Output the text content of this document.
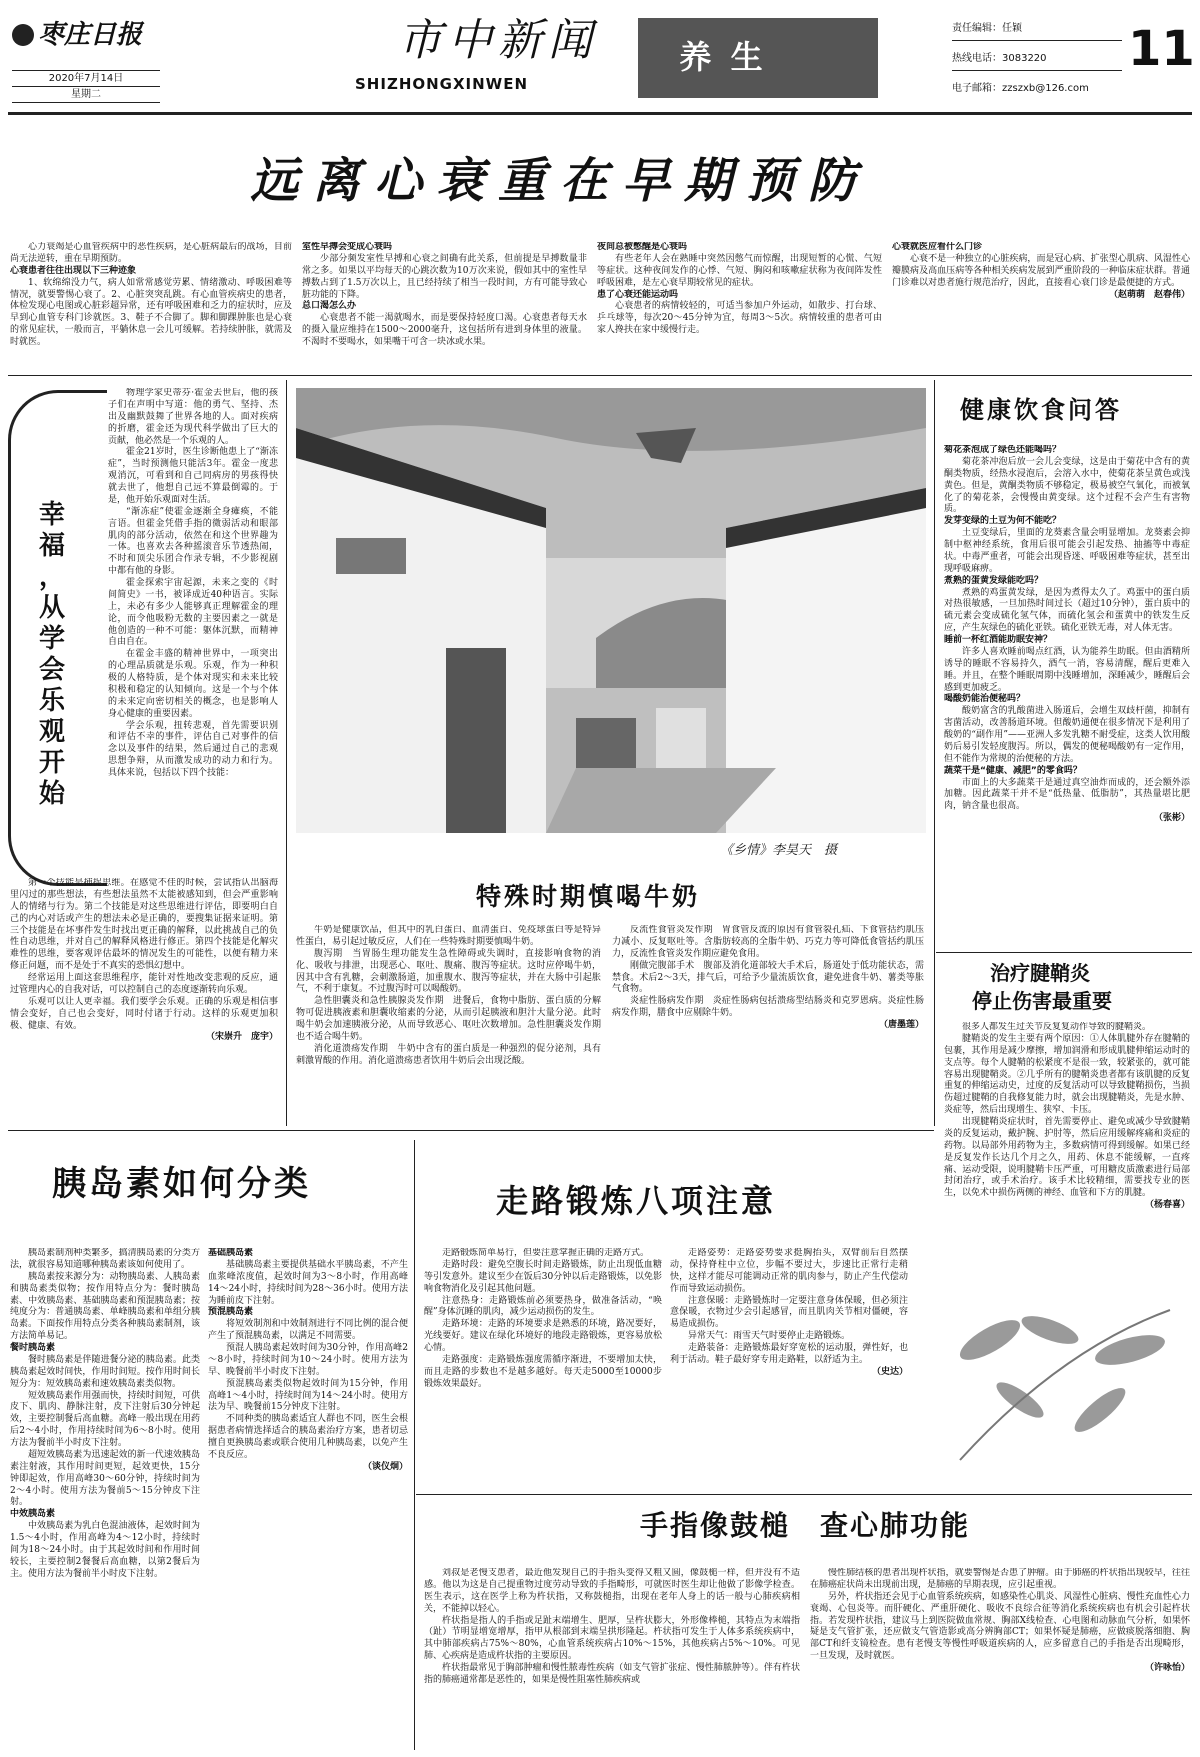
枣庄日报
2020年7月14日
星期二
市中新闻
SHIZHONGXINWEN
养 生
责任编辑：任颖
热线电话：3083220
电子邮箱：zzszxb@126.com
11
远离心衰重在早期预防

心力衰竭是心血管疾病中的恶性疾病，是心脏病最后的战场，目前尚无法逆转，重在早期预防。

心衰患者往往出现以下三种迹象

1、软绵绵没力气，病人如常常感觉劳累、情绪激动、呼吸困难等情况，就要警惕心衰了。2、心脏突突乱跳。有心血管疾病史的患者，体检发现心电图或心脏彩超异常，还有呼吸困难和乏力的症状时，应及早到心血管专科门诊就医。3、鞋子不合脚了。脚和脚踝肿胀也是心衰的常见症状，一般而言，平躺休息一会儿可缓解。若持续肿胀，就需及时就医。

室性早搏会变成心衰吗

少部分频发室性早搏和心衰之间确有此关系，但前提是早搏数量非常之多。如果以平均每天的心跳次数为10万次来说，假如其中的室性早搏数占到了1.5万次以上，且已经持续了相当一段时间，方有可能导致心脏功能的下降。

总口渴怎么办

心衰患者不能一渴就喝水，而是要保持轻度口渴。心衰患者每天水的摄入量应维持在1500～2000毫升，这包括所有进到身体里的液量。不渴时不要喝水，如果嘴干可含一块冰或水果。

夜间总被憋醒是心衰吗

有些老年人会在熟睡中突然因憋气而惊醒，出现短暂的心慌、气短等症状。这种夜间发作的心悸、气短、胸闷和咳嗽症状称为夜间阵发性呼吸困难，是左心衰早期较常见的症状。

患了心衰还能运动吗

心衰患者的病情较轻的，可适当参加户外运动，如散步、打台球、乒乓球等，每次20～45分钟为宜，每周3～5次。病情较重的患者可由家人搀扶在家中缓慢行走。

心衰就医应看什么门诊

心衰不是一种独立的心脏疾病，而是冠心病、扩张型心肌病、风湿性心瓣膜病及高血压病等各种相关疾病发展到严重阶段的一种临床症状群。普通门诊难以对患者施行规范治疗，因此，直接看心衰门诊是最便捷的方式。

（赵萌萌　赵春伟）

幸
福
，
从
学
会
乐
观
开
始

物理学家史蒂芬·霍金去世后，他的孩子们在声明中写道：他的勇气、坚持、杰出及幽默鼓舞了世界各地的人。面对疾病的折磨，霍金还为现代科学做出了巨大的贡献，他必然是一个乐观的人。

霍金21岁时，医生诊断他患上了“渐冻症”，当时预测他只能活3年。霍金一度悲观消沉，可看到和自己同病房的男孩得快就去世了，他想自己远不算最倒霉的。于是，他开始乐观面对生活。

“渐冻症”使霍金逐渐全身瘫痪，不能言语。但霍金凭借手指的微弱活动和眼部肌肉的部分活动，依然在和这个世界趣为一体。也喜欢去各种摇滚音乐节透热闹，不时和顶尖乐团合作录专辑，不少影视剧中都有他的身影。

霍金探索宇宙起源，未来之变的《时间简史》一书，被译成近40种语言。实际上，未必有多少人能够真正理解霍金的理论，而令他吸粉无数的主要因素之一就是他创造的一种不可能：躯体沉默，而精神自由自在。

在霍金丰盛的精神世界中，一项突出的心理品质就是乐观。乐观，作为一种积极的人格特质，是个体对现实和未来比较积极和稳定的认知倾向。这是一个与个体的未来定向密切相关的概念，也是影响人身心健康的重要因素。

学会乐观，扭转悲观，首先需要识别和评估不幸的事件，评估自己对事件的信念以及事件的结果，然后通过自己的悲观思想争辩，从而激发成功的动力和行为。具体来说，包括以下四个技能：

第一个技能是捕捉思维。在感觉不佳的时候，尝试指认出脑海里闪过的那些想法，有些想法虽然不太能被感知到，但会严重影响人的情绪与行为。第二个技能是对这些思维进行评估，即要明白自己的内心对话或产生的想法未必是正确的，要搜集证据来证明。第三个技能是在坏事件发生时找出更正确的解释，以此挑战自己的负性自动思维，并对自己的解释风格进行修正。第四个技能是化解灾难性的思维，要客观评估最坏的情况发生的可能性，以便有精力来修正问题，而不是处于不真实的恐惧幻想中。

经常运用上面这套思维程序，能针对性地改变悲观的反应，通过管理内心的自我对话，可以控制自己的态度逐渐转向乐观。

乐观可以让人更幸福。我们要学会乐观。正确的乐观是相信事情会变好，自己也会变好，同时付诸于行动。这样的乐观更加积极、健康、有效。

（宋崇升　庞宇）

《乡情》李昊天　摄
特殊时期慎喝牛奶

牛奶是健康饮品，但其中的乳白蛋白、血清蛋白、免疫球蛋白等是特异性蛋白，易引起过敏反应，人们在一些特殊时期要慎喝牛奶。

腹泻期　当胃肠生理功能发生急性障碍或失调时，直接影响食物的消化、吸收与排泄，出现恶心、呕吐、腹痛、腹泻等症状。这时应停喝牛奶，因其中含有乳糖，会刺激肠道，加重腹水、腹泻等症状，并在大肠中引起胀气，不利于康复。不过腹泻时可以喝酸奶。

急性胆囊炎和急性胰腺炎发作期　进餐后，食物中脂肪、蛋白质的分解物可促进胰液素和胆囊收缩素的分泌，从而引起胰液和胆汁大量分泌。此时喝牛奶会加速胰液分泌，从而导致恶心、呕吐次数增加。急性胆囊炎发作期也不适合喝牛奶。

消化道溃疡发作期　牛奶中含有的蛋白质是一种强烈的促分泌剂，具有刺激胃酸的作用。消化道溃疡患者饮用牛奶后会出现泛酸。

反流性食管炎发作期　胃食管反流的原因有食管裂孔疝、下食管括约肌压力减小、反复呕吐等。含脂肪较高的全脂牛奶、巧克力等可降低食管括约肌压力，反流性食管炎发作期应避免食用。

刚做完腹部手术　腹部及消化道部较大手术后，肠道处于低功能状态，需禁食。术后2～3天，排气后，可给予少量流质饮食，避免进食牛奶、薯类等胀气食物。

炎症性肠病发作期　炎症性肠病包括溃疡型结肠炎和克罗恩病。炎症性肠病发作期，膳食中应剔除牛奶。

（唐墨莲）

健康饮食问答

菊花茶泡成了绿色还能喝吗？

菊花茶冲泡后放一会儿会变绿，这是由于菊花中含有的黄酮类物质，经热水浸泡后，会溶入水中，使菊花茶呈黄色或浅黄色。但是，黄酮类物质不够稳定，极易被空气氧化，而被氧化了的菊花茶，会慢慢由黄变绿。这个过程不会产生有害物质。

发芽变绿的土豆为何不能吃？

土豆变绿后，里面的龙葵素含量会明显增加。龙葵素会抑制中枢神经系统，食用后很可能会引起发热、抽搐等中毒症状。中毒严重者，可能会出现昏迷、呼吸困难等症状，甚至出现呼吸麻痹。

煮熟的蛋黄发绿能吃吗？

煮熟的鸡蛋黄发绿，是因为煮得太久了。鸡蛋中的蛋白质对热很敏感，一旦加热时间过长（超过10分钟），蛋白质中的硫元素会变成硫化氢气体，而硫化氢会和蛋黄中的铁发生反应，产生灰绿色的硫化亚铁。硫化亚铁无毒，对人体无害。

睡前一杯红酒能助眠安神？

许多人喜欢睡前喝点红酒，认为能养生助眠。但由酒精所诱导的睡眠不容易持久，酒气一消，容易清醒，醒后更难入睡。并且，在整个睡眠周期中浅睡增加，深睡减少，睡醒后会感到更加疲乏。

喝酸奶能治便秘吗？

酸奶富含的乳酸菌进入肠道后，会增生双歧杆菌，抑制有害菌活动，改善肠道环境。但酸奶通便在很多情况下是利用了酸奶的“副作用”——亚洲人多发乳糖不耐受症，这类人饮用酸奶后易引发轻度腹泻。所以，偶发的便秘喝酸奶有一定作用，但不能作为常规的治便秘的方法。

蔬菜干是“健康、减肥”的零食吗？

市面上的大多蔬菜干是通过真空油炸而成的，还会额外添加糖。因此蔬菜干并不是“低热量、低脂肪”，其热量堪比肥肉，钠含量也很高。

（张彬）

治疗腱鞘炎
停止伤害最重要

很多人都发生过关节反复复动作导致的腱鞘炎。

腱鞘炎的发生主要有两个原因：①人体肌腱外存在腱鞘的包裹，其作用是减少摩擦，增加润滑和形成肌腱伸缩运动时的支点等。每个人腱鞘的松紧度不是很一致，较紧张的，就可能容易出现腱鞘炎。②几乎所有的腱鞘炎患者都有该肌腱的反复重复的伸缩运动史，过度的反复活动可以导致腱鞘损伤，当损伤超过腱鞘的自我修复能力时，就会出现腱鞘炎，先是水肿、炎症等，然后出现增生、狭窄、卡压。

出现腱鞘炎症状时，首先需要停止、避免或减少导致腱鞘炎的反复运动，戴护腕、护肘等，然后应用缓解疼痛和炎症的药物。以局部外用药物为主，多数病情可得到缓解。如果已经是反复发作长达几个月之久，用药、休息不能缓解，一直疼痛、运动受限，说明腱鞘卡压严重，可用糖皮质激素进行局部封闭治疗，或手术治疗。该手术比较精细，需要找专业的医生，以免术中损伤两侧的神经、血管和下方的肌腱。

（杨春喜）

胰岛素如何分类

胰岛素制剂种类繁多，搞清胰岛素的分类方法，就很容易知道哪种胰岛素该如何使用了。

胰岛素按来源分为：动物胰岛素、人胰岛素和胰岛素类似物；按作用特点分为：餐时胰岛素、中效胰岛素、基础胰岛素和预混胰岛素；按纯度分为：普通胰岛素、单峰胰岛素和单组分胰岛素。下面按作用特点分类各种胰岛素制剂，该方法简单易记。

餐时胰岛素

餐时胰岛素是伴随进餐分泌的胰岛素。此类胰岛素起效时间快，作用时间短。按作用时间长短分为：短效胰岛素和速效胰岛素类似物。

短效胰岛素作用强而快，持续时间短，可供皮下、肌肉、静脉注射，皮下注射后30分钟起效，主要控制餐后高血糖。高峰一般出现在用药后2～4小时，作用持续时间为6～8小时。使用方法为餐前半小时皮下注射。

超短效胰岛素为迅速起效的新一代速效胰岛素注射液，其作用时间更短，起效更快，15分钟即起效，作用高峰30～60分钟，持续时间为2～4小时。使用方法为餐前5～15分钟皮下注射。

中效胰岛素

中效胰岛素为乳白色混油液体，起效时间为1.5～4小时，作用高峰为4～12小时，持续时间为18～24小时。由于其起效时间和作用时间较长，主要控制2餐餐后高血糖，以第2餐后为主。使用方法为餐前半小时皮下注射。

基础胰岛素

基础胰岛素主要提供基础水平胰岛素，不产生血浆峰浓度值，起效时间为3～8小时，作用高峰14～24小时，持续时间为28～36小时。使用方法为睡前皮下注射。

预混胰岛素

将短效制剂和中效制剂进行不同比例的混合便产生了预混胰岛素，以满足不同需要。

预混人胰岛素起效时间为30分钟，作用高峰2～8小时，持续时间为10～24小时。使用方法为早、晚餐前半小时皮下注射。

预混胰岛素类似物起效时间为15分钟，作用高峰1～4小时，持续时间为14～24小时。使用方法为早、晚餐前15分钟皮下注射。

不同种类的胰岛素适宜人群也不同，医生会根据患者病情选择适合的胰岛素治疗方案，患者切忌擅自更换胰岛素或联合使用几种胰岛素，以免产生不良反应。

（谈仪炯）

走路锻炼八项注意

走路锻炼简单易行，但要注意掌握正确的走路方式。

走路时段：避免空腹长时间走路锻炼，防止出现低血糖等引发意外。建议至少在饭后30分钟以后走路锻炼，以免影响食物消化及引起其他问题。

注意热身：走路锻炼前必须要热身，做准备活动，“唤醒”身体沉睡的肌肉，减少运动损伤的发生。

走路环境：走路的环境要求是熟悉的环境，路况要好，光线要好。建议在绿化环境好的地段走路锻炼，更容易放松心情。

走路强度：走路锻炼强度需循序渐进，不要增加太快，而且走路的步数也不是越多越好。每天走5000至10000步锻炼效果最好。

走路姿势：走路姿势要求挺胸抬头，双臂前后自然摆动，保持脊柱中立位，步幅不要过大，步速比正常行走稍快，这样才能尽可能调动正常的肌肉参与，防止产生代偿动作而导致运动损伤。

注意保暖：走路锻炼时一定要注意身体保暖，但必须注意保暖，衣物过少会引起感冒，而且肌肉关节相对僵硬，容易造成损伤。

异常天气：雨雪天气时要停止走路锻炼。

走路装备：走路锻炼最好穿宽松的运动服，弹性好，也利于活动。鞋子最好穿专用走路鞋，以舒适为主。

（史达）

手指像鼓槌　查心肺功能

刘叔是老慢支患者，最近他发现自己的手指头变得又粗又圆，像鼓槌一样，但并没有不适感。他以为这是自己提重物过度劳动导致的手指畸形，可就医时医生却让他做了影像学检查。医生表示，这在医学上称为杵状指，又称鼓槌指，出现在老年人身上的话一般与心肺疾病相关，不能掉以轻心。

杵状指是指人的手指或足趾末端增生、肥厚，呈杵状膨大，外形像棒槌，其特点为末端指（趾）节明显增宽增厚，指甲从根部到末端呈拱形隆起。杵状指可发生于人体多系统疾病中，其中肺部疾病占75%～80%，心血管系统疾病占10%～15%，其他疾病占5%～10%。可见肺、心疾病是造成杵状指的主要原因。

杵状指最常见于胸部肿瘤和慢性脓毒性疾病（如支气管扩张症、慢性肺脓肿等）。伴有杵状指的肺癌通常都是恶性的，如果是慢性阻塞性肺疾病或

慢性肺结核的患者出现杵状指，就要警惕是否患了肿瘤。由于肺癌的杵状指出现较早，往往在肺癌症状尚未出现前出现，是肺癌的早期表现，应引起重视。

另外，杵状指还会见于心血管系统疾病，如感染性心肌炎、风湿性心脏病、慢性充血性心力衰竭、心包炎等。而肝硬化、严重肝硬化、吸收不良综合征等消化系统疾病也有机会引起杵状指。若发现杵状指，建议马上到医院做血常规、胸部X线检查、心电图和动脉血气分析，如果怀疑是支气管扩张，还应做支气管造影或高分辨胸部CT；如果怀疑是肺癌，应做痰脱落细胞、胸部CT和纤支镜检查。患有老慢支等慢性呼吸道疾病的人，应多留意自己的手指是否出现畸形，一旦发现，及时就医。

（许咏怡）
